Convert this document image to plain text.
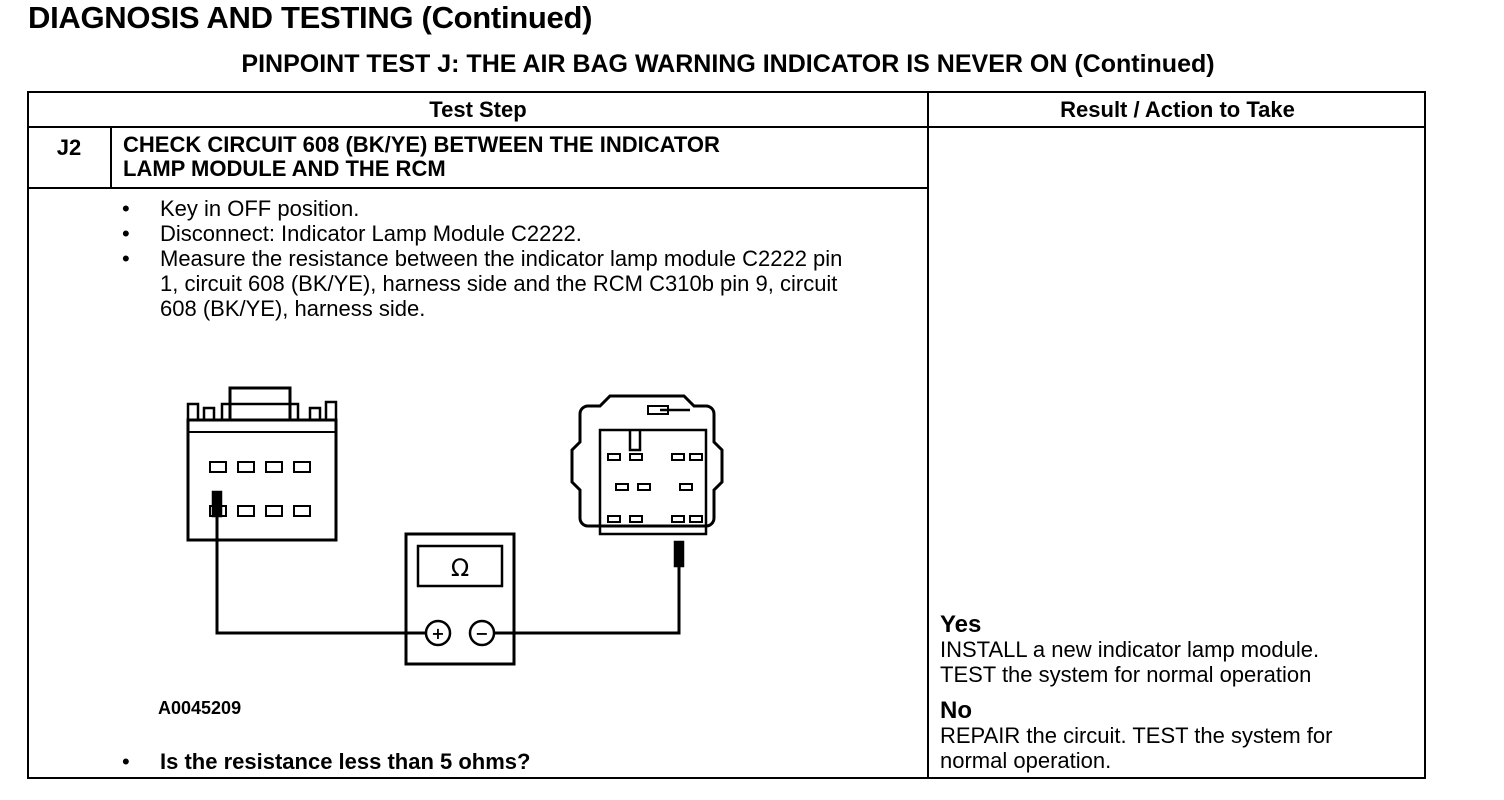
DIAGNOSIS AND TESTING (Continued)
PINPOINT TEST J: THE AIR BAG WARNING INDICATOR IS NEVER ON (Continued)
Test Step	Result / Action to Take
J2	CHECK CIRCUIT 608 (BK/YE) BETWEEN THE INDICATOR
LAMP MODULE AND THE RCM
• Key in OFF position.
• Disconnect: Indicator Lamp Module C2222.
• Measure the resistance between the indicator lamp module C2222 pin 1, circuit 608 (BK/YE), harness side and the RCM C310b pin 9, circuit 608 (BK/YE), harness side.
Ω
+ −
A0045209
• Is the resistance less than 5 ohms?
Yes
INSTALL a new indicator lamp module.
TEST the system for normal operation
No
REPAIR the circuit. TEST the system for
normal operation.
